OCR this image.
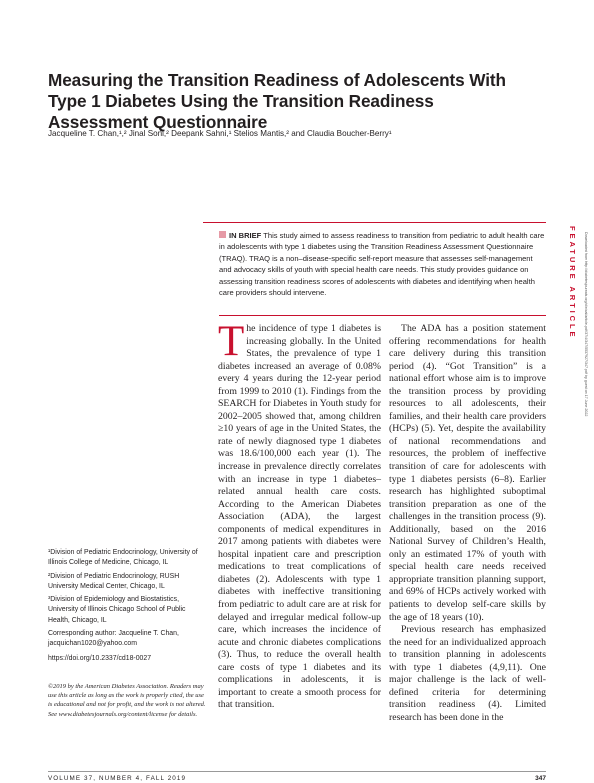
Measuring the Transition Readiness of Adolescents With Type 1 Diabetes Using the Transition Readiness Assessment Questionnaire
Jacqueline T. Chan,¹,² Jinal Soni,² Deepank Sahni,¹ Stelios Mantis,² and Claudia Boucher-Berry¹
FEATURE ARTICLE	Downloaded from http://diabetesjournals.org/clinical/article-pdf/37/4/347/5537927/347.pdf by guest on 17 June 2022
IN BRIEF This study aimed to assess readiness to transition from pediatric to adult health care in adolescents with type 1 diabetes using the Transition Readiness Assessment Questionnaire (TRAQ). TRAQ is a non–disease-specific self-report measure that assesses self-management and advocacy skills of youth with special health care needs. This study provides guidance on assessing transition readiness scores of adolescents with diabetes and identifying when health care providers should intervene.

The incidence of type 1 diabetes is increasing globally. In the United States, the prevalence of type 1 diabetes increased an average of 0.08% every 4 years during the 12-year period from 1999 to 2010 (1). Findings from the SEARCH for Diabetes in Youth study for 2002–2005 showed that, among children ≥10 years of age in the United States, the rate of newly diagnosed type 1 diabetes was 18.6/100,000 each year (1). The increase in prevalence directly correlates with an increase in type 1 diabetes–related annual health care costs. According to the American Diabetes Association (ADA), the largest components of medical expenditures in 2017 among patients with diabetes were hospital inpatient care and prescription medications to treat complications of diabetes (2). Adolescents with type 1 diabetes with ineffective transitioning from pediatric to adult care are at risk for delayed and irregular medical follow-up care, which increases the incidence of acute and chronic diabetes complications (3). Thus, to reduce the overall health care costs of type 1 diabetes and its complications in adolescents, it is important to create a smooth process for that transition.

The ADA has a position statement offering recommendations for health care delivery during this transition period (4). “Got Transition” is a national effort whose aim is to improve the transition process by providing resources to all adolescents, their families, and their health care providers (HCPs) (5). Yet, despite the availability of national recommendations and resources, the problem of ineffective transition of care for adolescents with type 1 diabetes persists (6–8). Earlier research has highlighted suboptimal transition preparation as one of the challenges in the transition process (9). Additionally, based on the 2016 National Survey of Children’s Health, only an estimated 17% of youth with special health care needs received appropriate transition planning support, and 69% of HCPs actively worked with patients to develop self-care skills by the age of 18 years (10).

Previous research has emphasized the need for an individualized approach to transition planning in adolescents with type 1 diabetes (4,9,11). One major challenge is the lack of well-defined criteria for determining transition readiness (4). Limited research has been done in the

¹Division of Pediatric Endocrinology, University of Illinois College of Medicine, Chicago, IL

²Division of Pediatric Endocrinology, RUSH University Medical Center, Chicago, IL

³Division of Epidemiology and Biostatistics, University of Illinois Chicago School of Public Health, Chicago, IL

Corresponding author: Jacqueline T. Chan, jacquichan1020@yahoo.com

https://doi.org/10.2337/cd18-0027

©2019 by the American Diabetes Association. Readers may use this article as long as the work is properly cited, the use is educational and not for profit, and the work is not altered. See www.diabetesjournals.org/content/license for details.
VOLUME 37, NUMBER 4, FALL 2019	347
